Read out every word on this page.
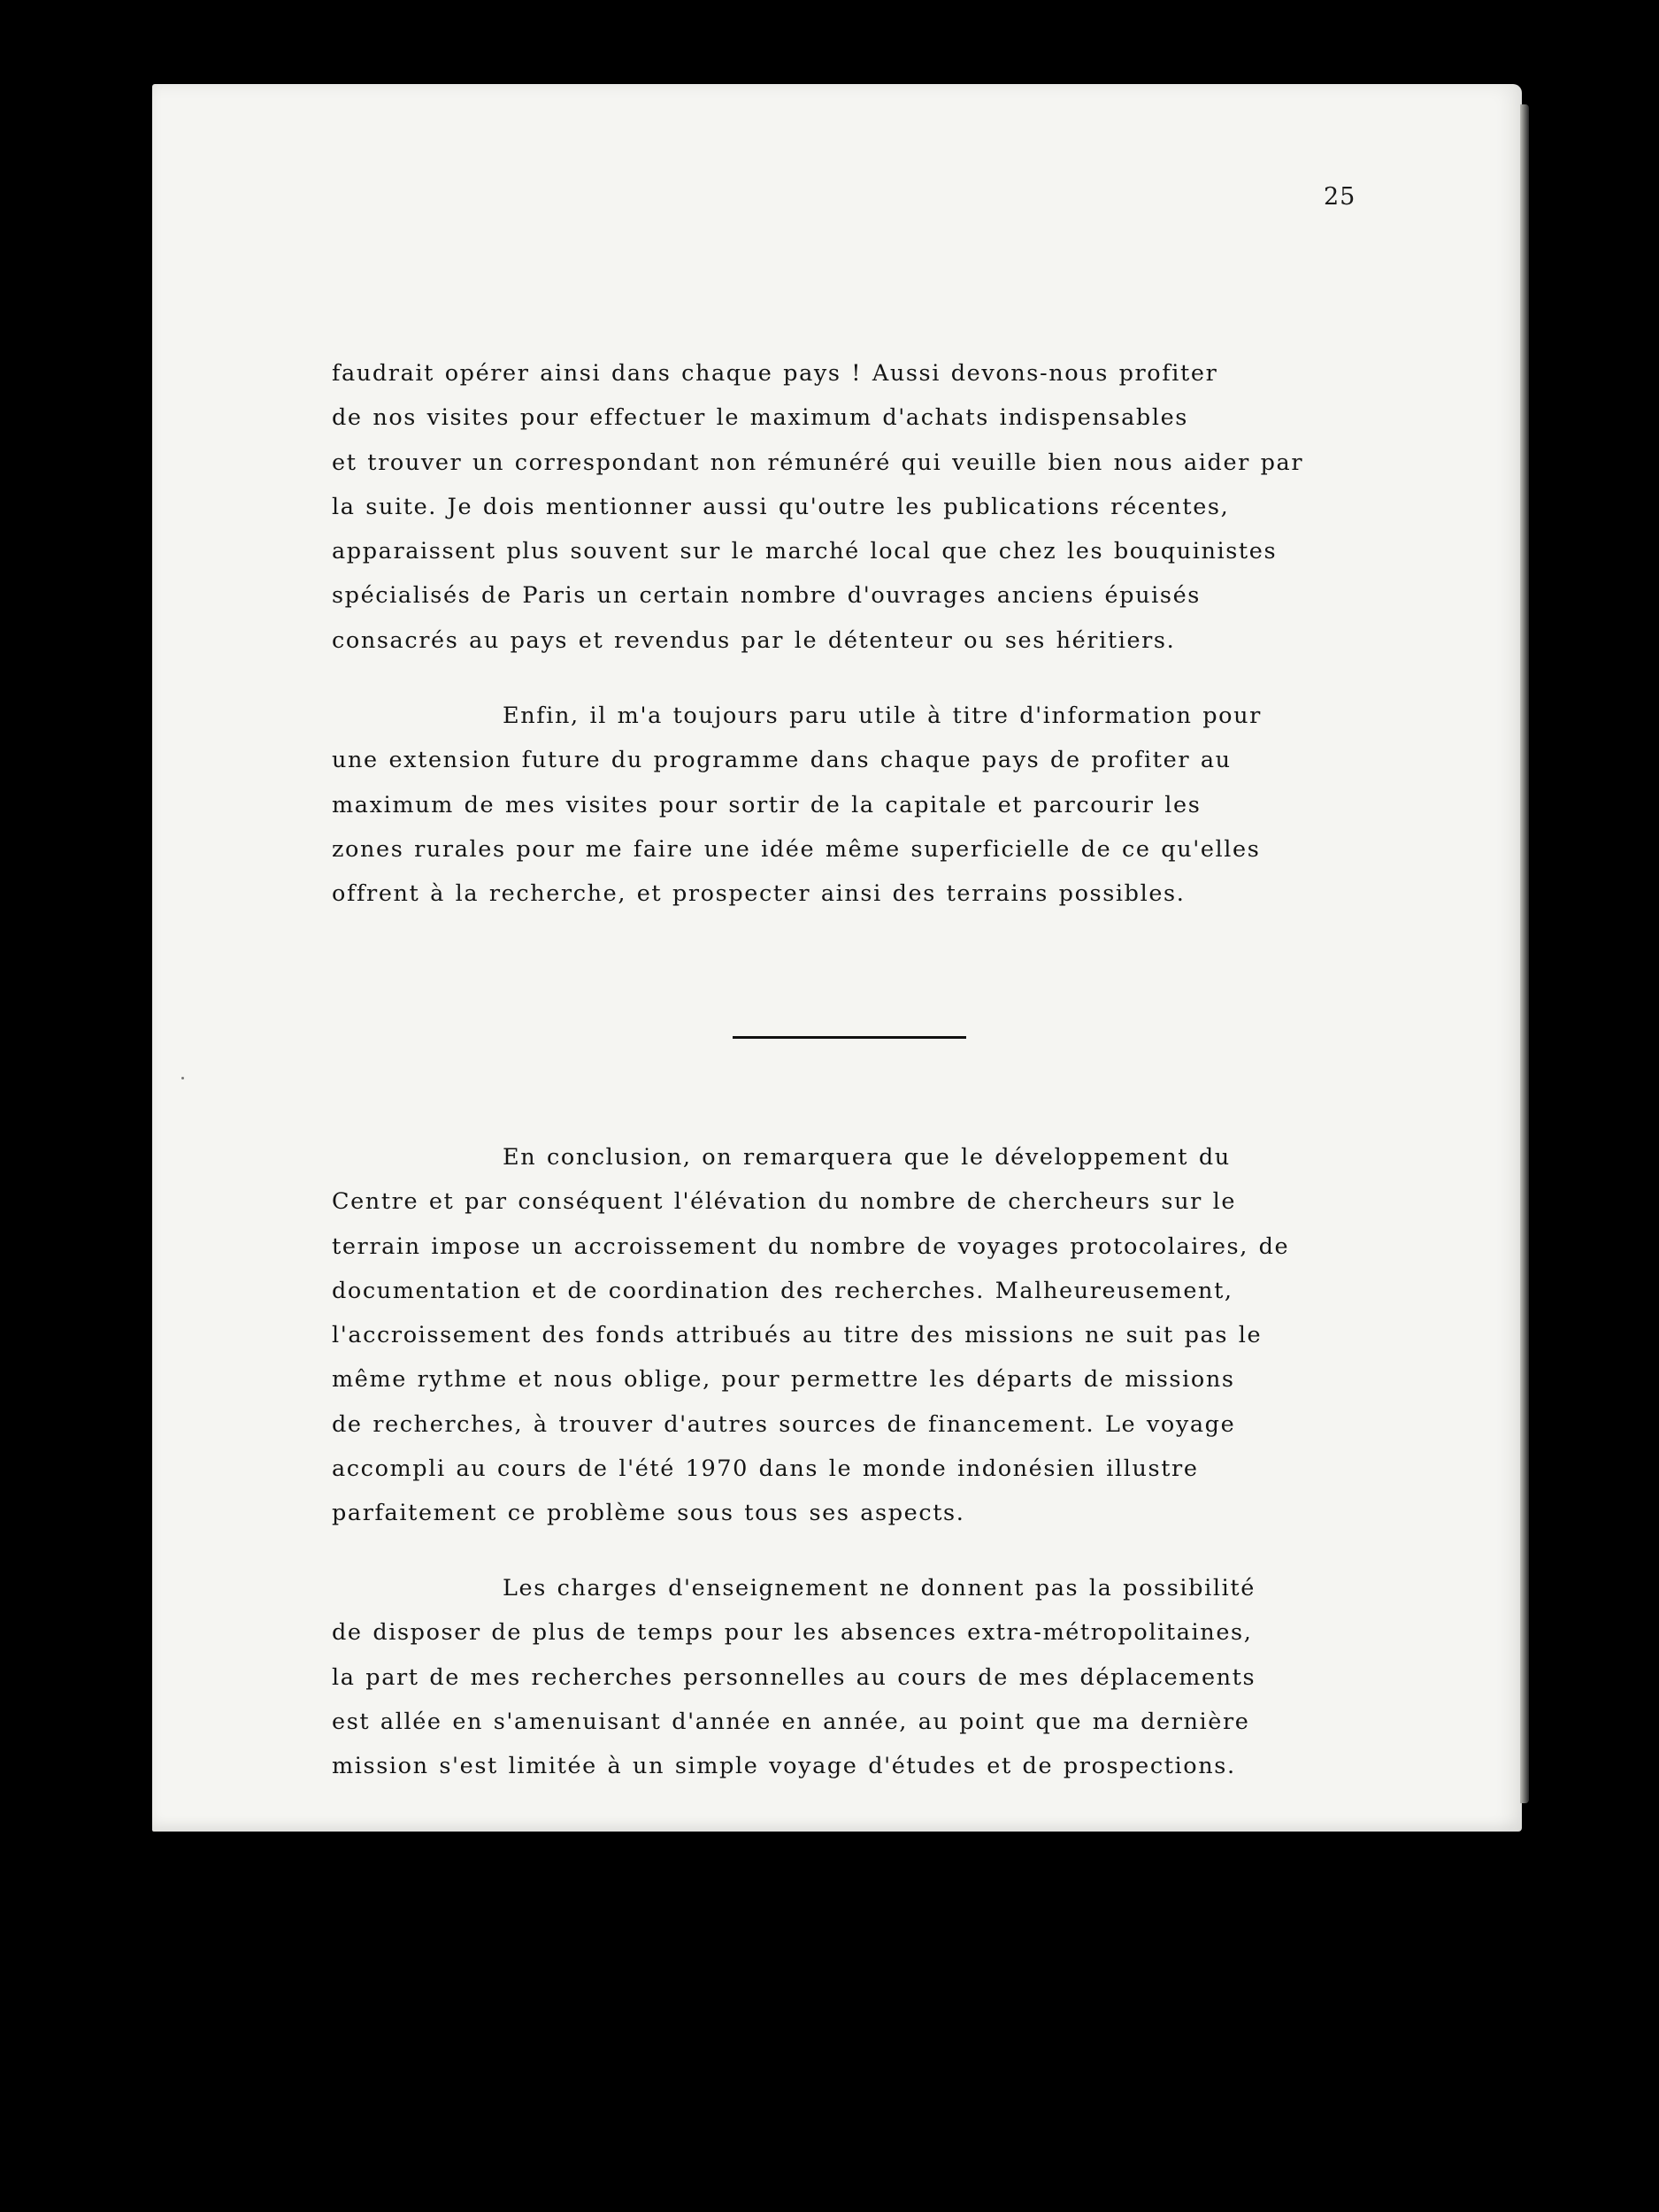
25

faudrait opérer ainsi dans chaque pays ! Aussi devons-nous profiter
de nos visites pour effectuer le maximum d'achats indispensables
et trouver un correspondant non rémunéré qui veuille bien nous aider par
la suite. Je dois mentionner aussi qu'outre les publications récentes,
apparaissent plus souvent sur le marché local que chez les bouquinistes
spécialisés de Paris un certain nombre d'ouvrages anciens épuisés
consacrés au pays et revendus par le détenteur ou ses héritiers.

Enfin, il m'a toujours paru utile à titre d'information pour
une extension future du programme dans chaque pays de profiter au
maximum de mes visites pour sortir de la capitale et parcourir les
zones rurales pour me faire une idée même superficielle de ce qu'elles
offrent à la recherche, et prospecter ainsi des terrains possibles.

En conclusion, on remarquera que le développement du
Centre et par conséquent l'élévation du nombre de chercheurs sur le
terrain impose un accroissement du nombre de voyages protocolaires, de
documentation et de coordination des recherches. Malheureusement,
l'accroissement des fonds attribués au titre des missions ne suit pas le
même rythme et nous oblige, pour permettre les départs de missions
de recherches, à trouver d'autres sources de financement. Le voyage
accompli au cours de l'été 1970 dans le monde indonésien illustre
parfaitement ce problème sous tous ses aspects.

Les charges d'enseignement ne donnent pas la possibilité
de disposer de plus de temps pour les absences extra-métropolitaines,
la part de mes recherches personnelles au cours de mes déplacements
est allée en s'amenuisant d'année en année, au point que ma dernière
mission s'est limitée à un simple voyage d'études et de prospections.
